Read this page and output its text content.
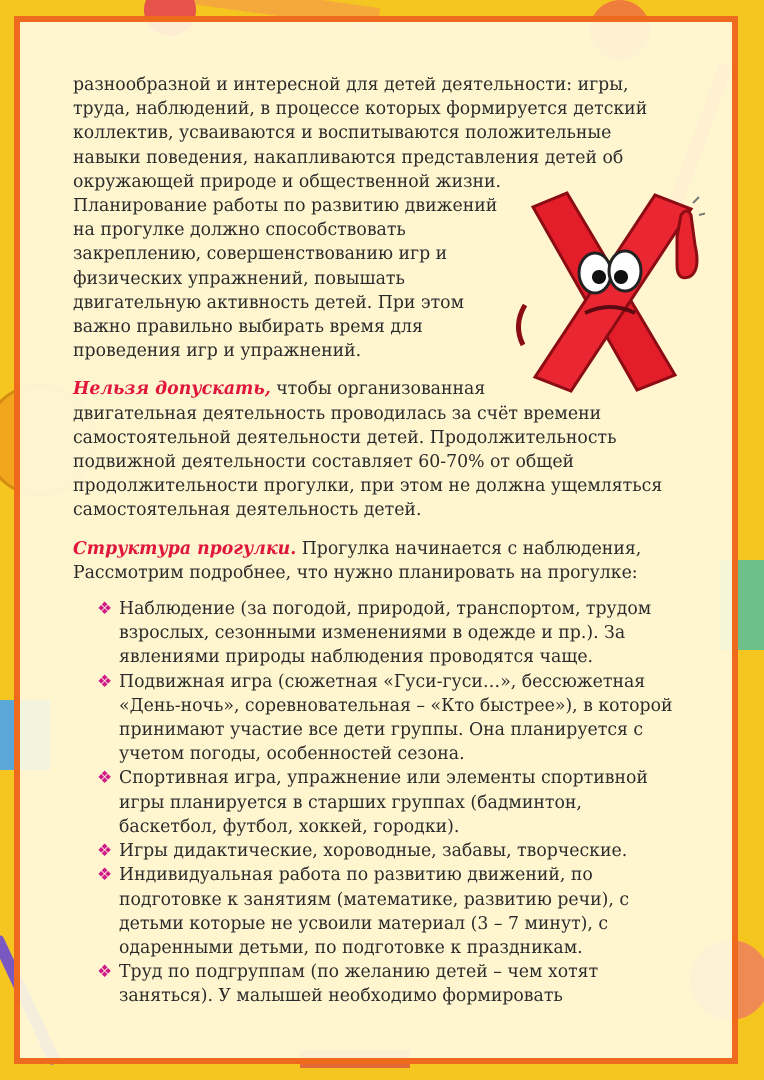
разнообразной и интересной для детей деятельности: игры,
труда, наблюдений, в процессе которых формируется детский
коллектив, усваиваются и воспитываются положительные
навыки поведения, накапливаются представления детей об
окружающей природе и общественной жизни.

Планирование работы по развитию движений
на прогулке должно способствовать
закреплению, совершенствованию игр и
физических упражнений, повышать
двигательную активность детей. При этом
важно правильно выбирать время для
проведения игр и упражнений.

Нельзя допускать, чтобы организованная
двигательная деятельность проводилась за счёт времени
самостоятельной деятельности детей. Продолжительность
подвижной деятельности составляет 60-70% от общей
продолжительности прогулки, при этом не должна ущемляться
самостоятельная деятельность детей.

Структура прогулки. Прогулка начинается с наблюдения,
Рассмотрим подробнее, что нужно планировать на прогулке:

❖ Наблюдение (за погодой, природой, транспортом, трудом
взрослых, сезонными изменениями в одежде и пр.). За
явлениями природы наблюдения проводятся чаще.
❖ Подвижная игра (сюжетная «Гуси-гуси…», бессюжетная
«День-ночь», соревновательная – «Кто быстрее»), в которой
принимают участие все дети группы. Она планируется с
учетом погоды, особенностей сезона.
❖ Спортивная игра, упражнение или элементы спортивной
игры планируется в старших группах (бадминтон,
баскетбол, футбол, хоккей, городки).
❖ Игры дидактические, хороводные, забавы, творческие.
❖ Индивидуальная работа по развитию движений, по
подготовке к занятиям (математике, развитию речи), с
детьми которые не усвоили материал (3 – 7 минут), с
одаренными детьми, по подготовке к праздникам.
❖ Труд по подгруппам (по желанию детей – чем хотят
заняться). У малышей необходимо формировать
